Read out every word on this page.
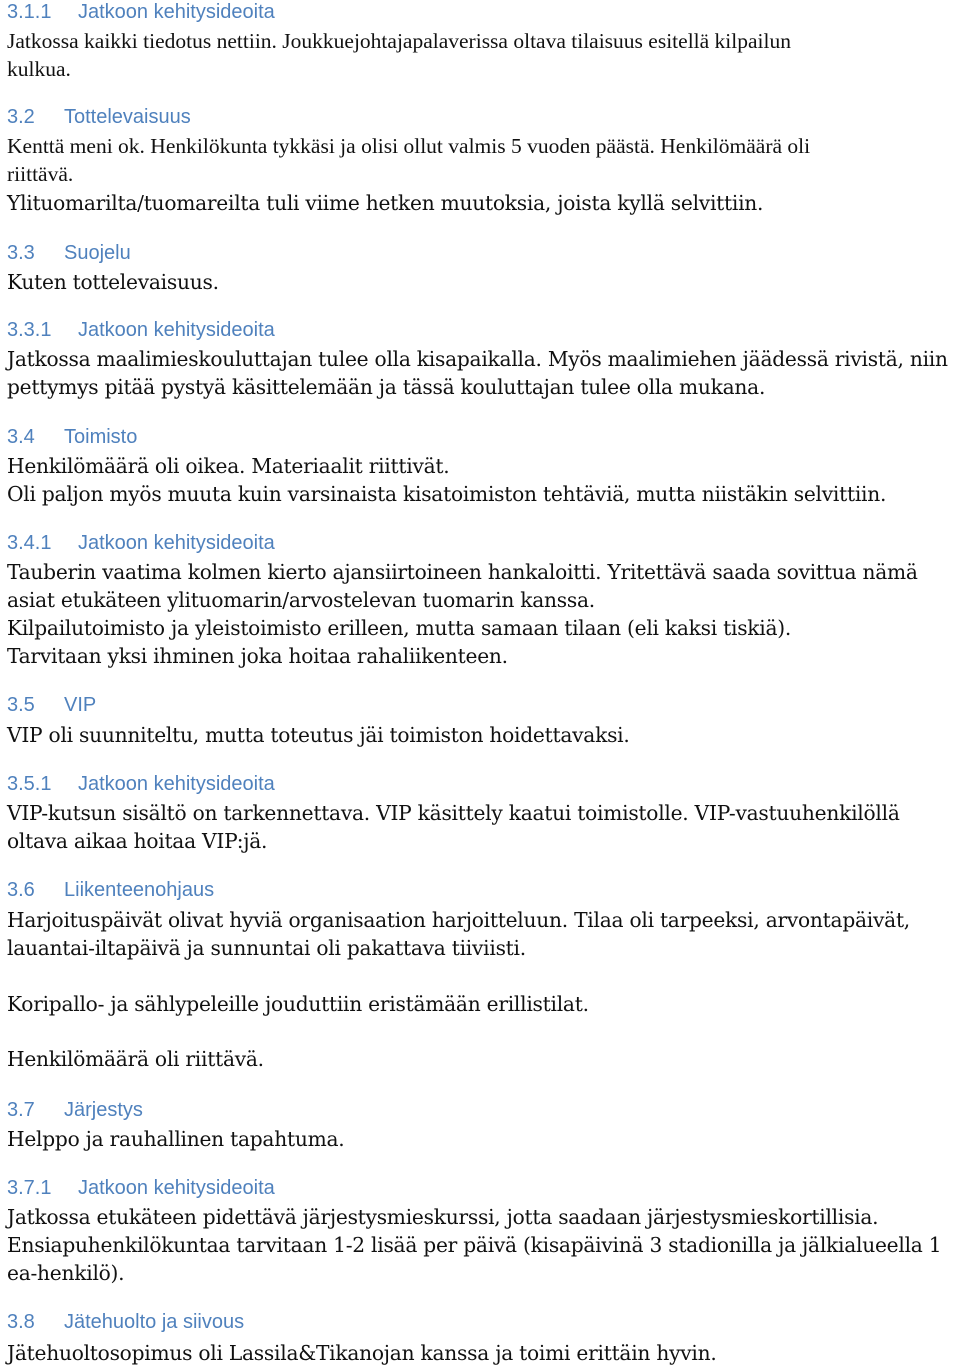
3.1.1 Jatkoon kehitysideoita
Jatkossa kaikki tiedotus nettiin. Joukkuejohtajapalaverissa oltava tilaisuus esitellä kilpailun
kulkua.
3.2 Tottelevaisuus
Kenttä meni ok. Henkilökunta tykkäsi ja olisi ollut valmis 5 vuoden päästä. Henkilömäärä oli
riittävä.
Ylituomarilta/tuomareilta tuli viime hetken muutoksia, joista kyllä selvittiin.
3.3 Suojelu
Kuten tottelevaisuus.
3.3.1 Jatkoon kehitysideoita
Jatkossa maalimieskouluttajan tulee olla kisapaikalla. Myös maalimiehen jäädessä rivistä, niin
pettymys pitää pystyä käsittelemään ja tässä kouluttajan tulee olla mukana.
3.4 Toimisto
Henkilömäärä oli oikea. Materiaalit riittivät.
Oli paljon myös muuta kuin varsinaista kisatoimiston tehtäviä, mutta niistäkin selvittiin.
3.4.1 Jatkoon kehitysideoita
Tauberin vaatima kolmen kierto ajansiirtoineen hankaloitti. Yritettävä saada sovittua nämä
asiat etukäteen ylituomarin/arvostelevan tuomarin kanssa.
Kilpailutoimisto ja yleistoimisto erilleen, mutta samaan tilaan (eli kaksi tiskiä).
Tarvitaan yksi ihminen joka hoitaa rahaliikenteen.
3.5 VIP
VIP oli suunniteltu, mutta toteutus jäi toimiston hoidettavaksi.
3.5.1 Jatkoon kehitysideoita
VIP-kutsun sisältö on tarkennettava. VIP käsittely kaatui toimistolle. VIP-vastuuhenkilöllä
oltava aikaa hoitaa VIP:jä.
3.6 Liikenteenohjaus
Harjoituspäivät olivat hyviä organisaation harjoitteluun. Tilaa oli tarpeeksi, arvontapäivät,
lauantai-iltapäivä ja sunnuntai oli pakattava tiiviisti.
Koripallo- ja sählypeleille jouduttiin eristämään erillistilat.
Henkilömäärä oli riittävä.
3.7 Järjestys
Helppo ja rauhallinen tapahtuma.
3.7.1 Jatkoon kehitysideoita
Jatkossa etukäteen pidettävä järjestysmieskurssi, jotta saadaan järjestysmieskortillisia.
Ensiapuhenkilökuntaa tarvitaan 1-2 lisää per päivä (kisapäivinä 3 stadionilla ja jälkialueella 1
ea-henkilö).
3.8 Jätehuolto ja siivous
Jätehuoltosopimus oli Lassila&Tikanojan kanssa ja toimi erittäin hyvin.
